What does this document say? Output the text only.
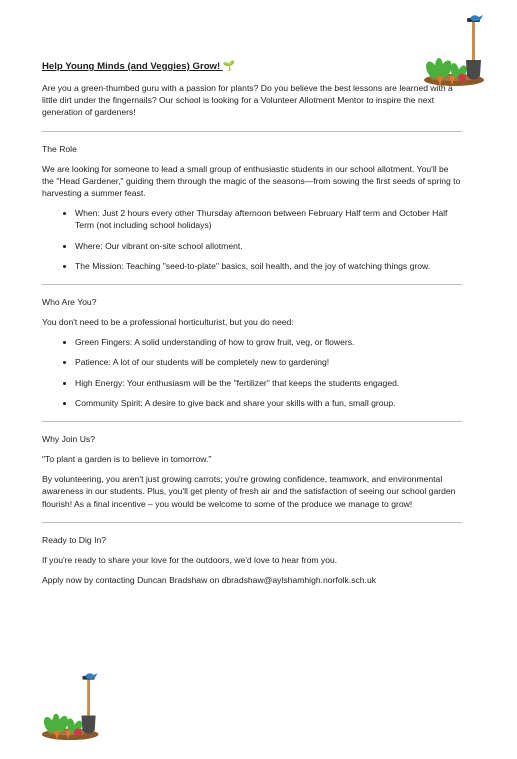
Help Young Minds (and Veggies) Grow! 🌱

Are you a green-thumbed guru with a passion for plants? Do you believe the best lessons are learned with a little dirt under the fingernails? Our school is looking for a Volunteer Allotment Mentor to inspire the next generation of gardeners!

The Role

We are looking for someone to lead a small group of enthusiastic students in our school allotment. You'll be the "Head Gardener," guiding them through the magic of the seasons—from sowing the first seeds of spring to harvesting a summer feast.

• When: Just 2 hours every other Thursday afternoon between February Half term and October Half Term (not including school holidays)
• Where: Our vibrant on-site school allotment.
• The Mission: Teaching "seed-to-plate" basics, soil health, and the joy of watching things grow.
Who Are You?

You don't need to be a professional horticulturist, but you do need:

• Green Fingers: A solid understanding of how to grow fruit, veg, or flowers.
• Patience: A lot of our students will be completely new to gardening!
• High Energy: Your enthusiasm will be the "fertilizer" that keeps the students engaged.
• Community Spirit: A desire to give back and share your skills with a fun, small group.
Why Join Us?

"To plant a garden is to believe in tomorrow."

By volunteering, you aren't just growing carrots; you're growing confidence, teamwork, and environmental awareness in our students. Plus, you'll get plenty of fresh air and the satisfaction of seeing our school garden flourish! As a final incentive – you would be welcome to some of the produce we manage to grow!

Ready to Dig In?

If you're ready to share your love for the outdoors, we'd love to hear from you.

Apply now by contacting Duncan Bradshaw on dbradshaw@aylshamhigh.norfolk.sch.uk
